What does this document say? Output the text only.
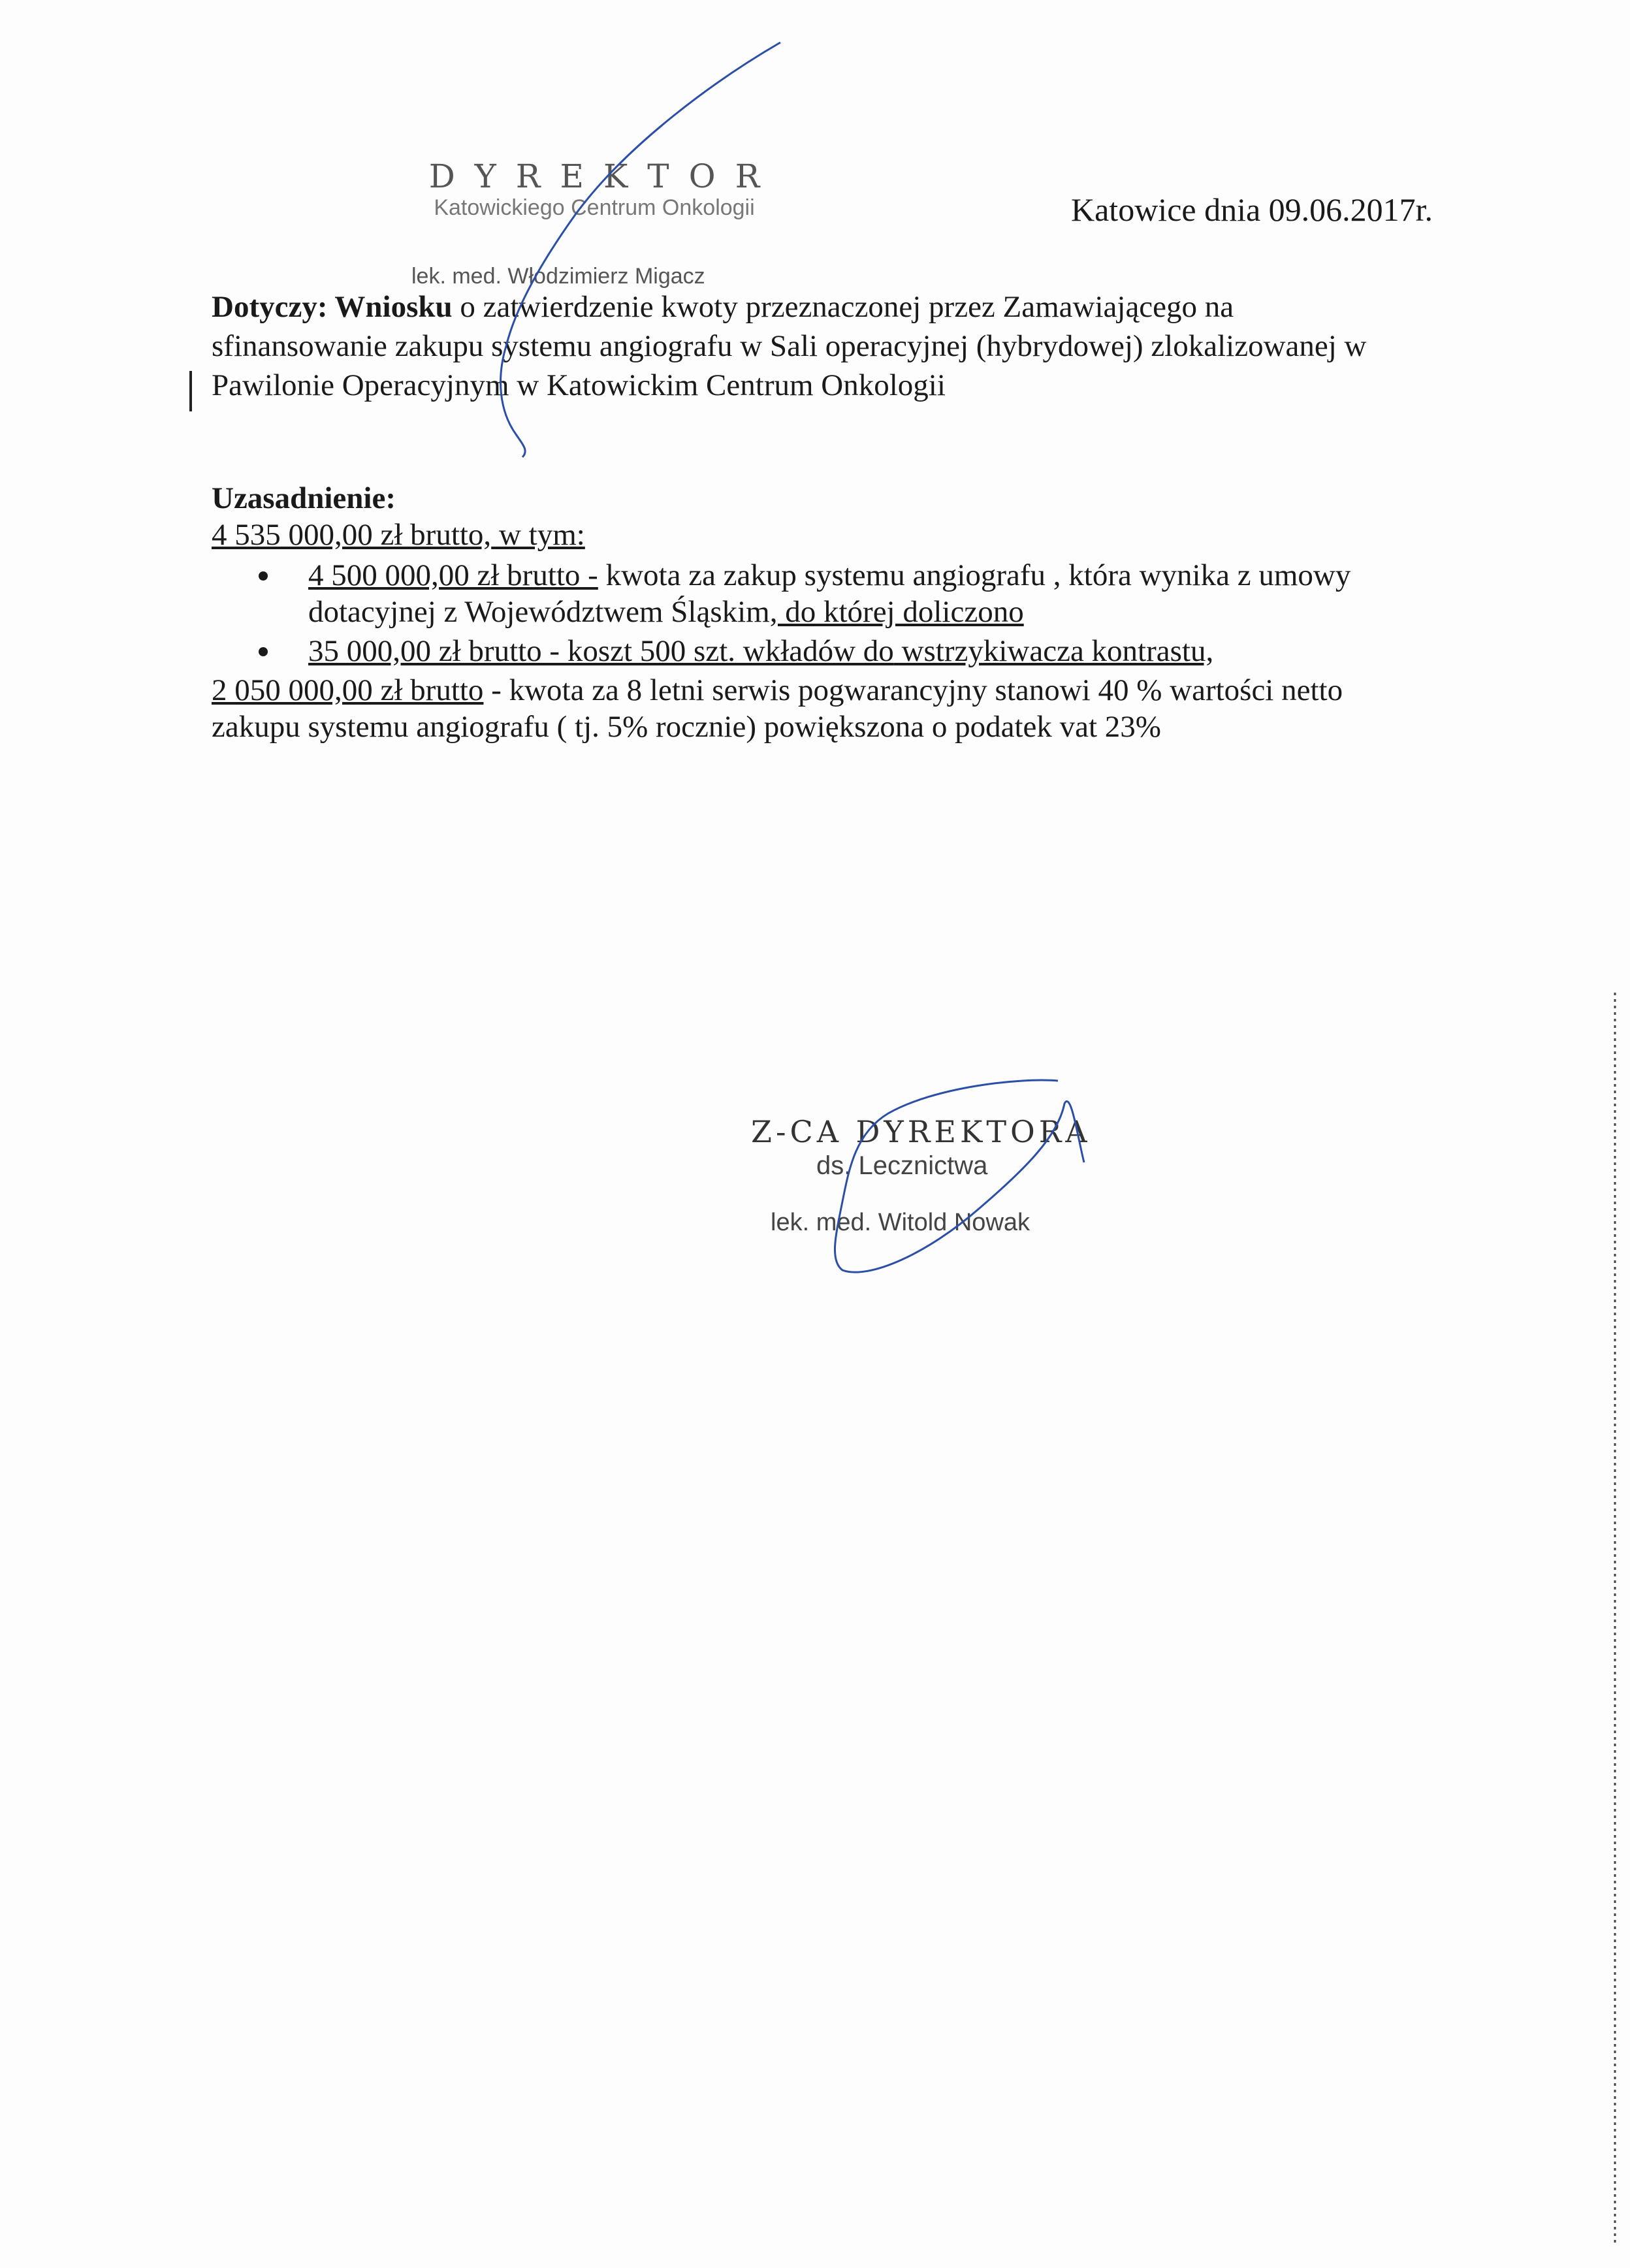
DYREKTOR
Katowickiego Centrum Onkologii
lek. med. Włodzimierz Migacz
Katowice dnia 09.06.2017r.

Dotyczy: Wniosku o zatwierdzenie kwoty przeznaczonej przez Zamawiającego na

sfinansowanie zakupu systemu angiografu w Sali operacyjnej (hybrydowej) zlokalizowanej w

Pawilonie Operacyjnym w Katowickim Centrum Onkologii

Uzasadnienie:

4 535 000,00 zł brutto, w tym:

4 500 000,00 zł brutto - kwota za zakup systemu angiografu , która wynika z umowy

dotacyjnej z Województwem Śląskim, do której doliczono

35 000,00 zł brutto - koszt 500 szt. wkładów do wstrzykiwacza kontrastu,

2 050 000,00 zł brutto - kwota za 8 letni serwis pogwarancyjny stanowi 40 % wartości netto

zakupu systemu angiografu ( tj. 5% rocznie) powiększona o podatek vat 23%

Z-CA DYREKTORA
ds. Lecznictwa
lek. med. Witold Nowak
